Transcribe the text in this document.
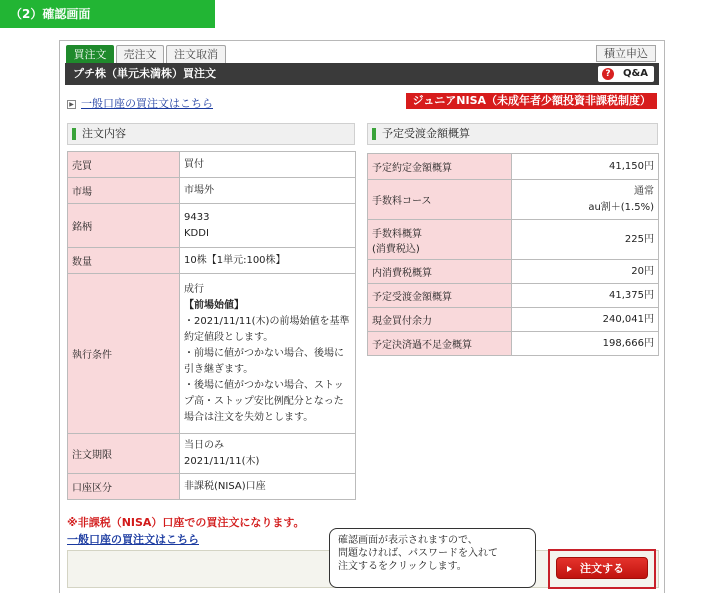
（2）確認画面
買注文	売注文	注文取消	積立申込
プチ株（単元未満株）買注文	?	Q&A
▶ 一般口座の買注文はこちら	ジュニアNISA（未成年者少額投資非課税制度）
注文内容	予定受渡金額概算
売買	買付
市場	市場外
銘柄	9433
KDDI

数量	10株【1単元:100株】
執行条件	成行
【前場始値】
・2021/11/11(木)の前場始値を基準約定値段とします。
・前場に値がつかない場合、後場に引き継ぎます。
・後場に値がつかない場合、ストップ高・ストップ安比例配分となった場合は注文を失効とします。

注文期限	当日のみ
2021/11/11(木)

口座区分	非課税(NISA)口座
予定約定金額概算	41,150円
手数料コース	通常
au割＋(1.5%)

手数料概算
(消費税込)	225円
内消費税概算	20円
予定受渡金額概算	41,375円
現金買付余力	240,041円
予定決済過不足金概算	198,666円
※非課税（NISA）口座での買注文になります。
一般口座の買注文はこちら
注文する
確認画面が表示されますので、
問題なければ、パスワードを入れて
注文するをクリックします。
